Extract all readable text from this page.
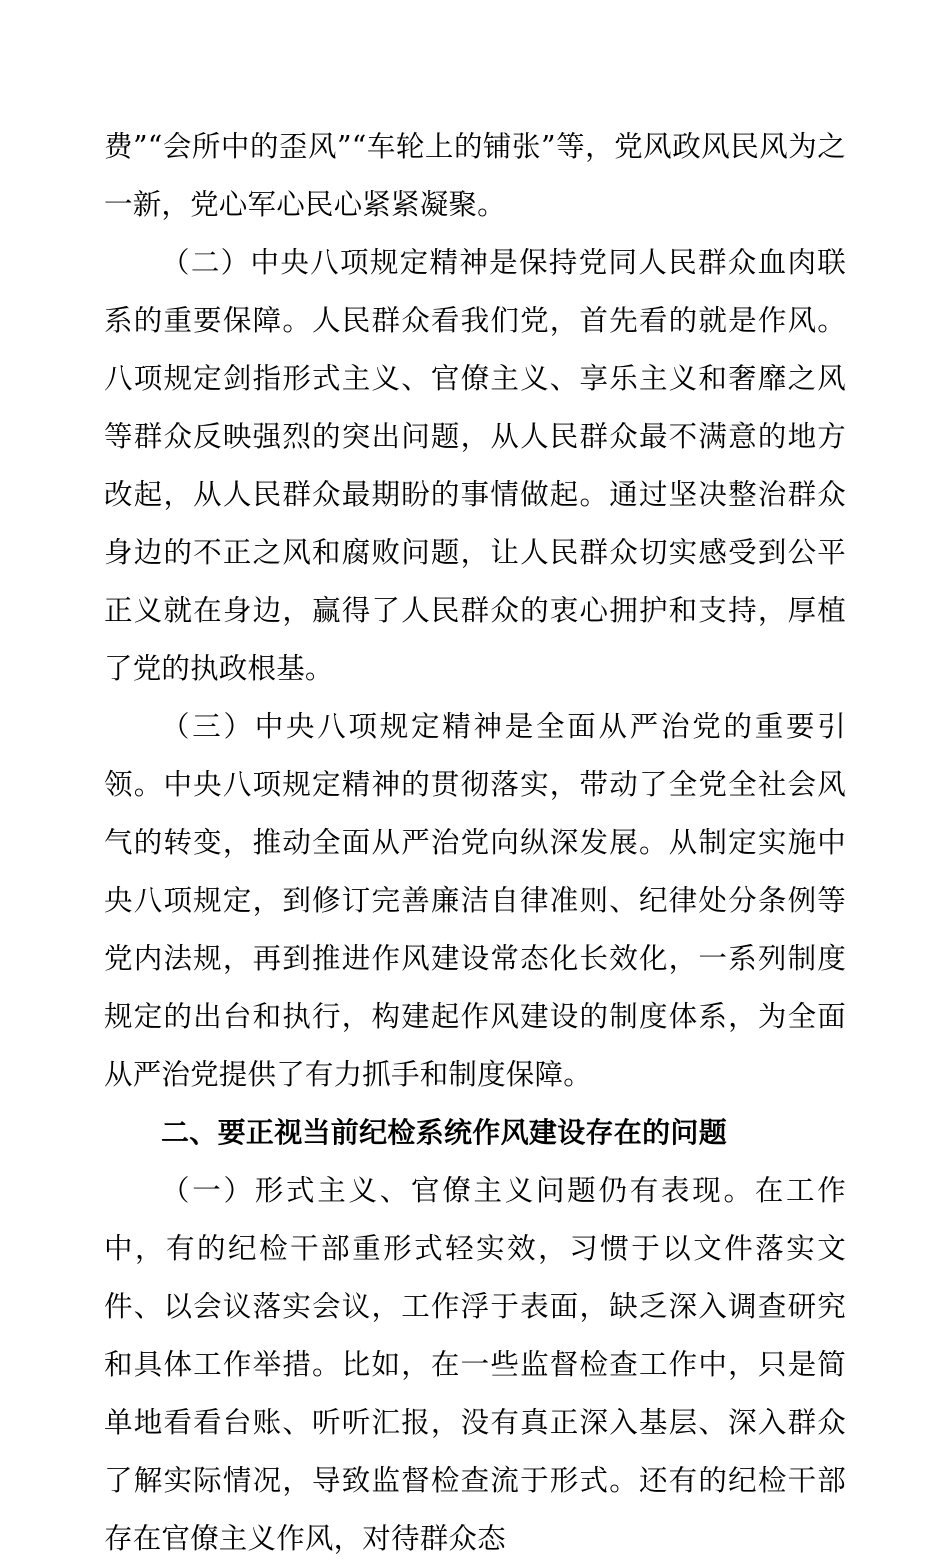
费”“会所中的歪风”“车轮上的铺张”等，党风政风民风为之一新，党心军心民心紧紧凝聚。

（二）中央八项规定精神是保持党同人民群众血肉联系的重要保障。人民群众看我们党，首先看的就是作风。八项规定剑指形式主义、官僚主义、享乐主义和奢靡之风等群众反映强烈的突出问题，从人民群众最不满意的地方改起，从人民群众最期盼的事情做起。通过坚决整治群众身边的不正之风和腐败问题，让人民群众切实感受到公平正义就在身边，赢得了人民群众的衷心拥护和支持，厚植了党的执政根基。

（三）中央八项规定精神是全面从严治党的重要引领。中央八项规定精神的贯彻落实，带动了全党全社会风气的转变，推动全面从严治党向纵深发展。从制定实施中央八项规定，到修订完善廉洁自律准则、纪律处分条例等党内法规，再到推进作风建设常态化长效化，一系列制度规定的出台和执行，构建起作风建设的制度体系，为全面从严治党提供了有力抓手和制度保障。

二、要正视当前纪检系统作风建设存在的问题

（一）形式主义、官僚主义问题仍有表现。在工作中，有的纪检干部重形式轻实效，习惯于以文件落实文件、以会议落实会议，工作浮于表面，缺乏深入调查研究和具体工作举措。比如，在一些监督检查工作中，只是简单地看看台账、听听汇报，没有真正深入基层、深入群众了解实际情况，导致监督检查流于形式。还有的纪检干部存在官僚主义作风，对待群众态
